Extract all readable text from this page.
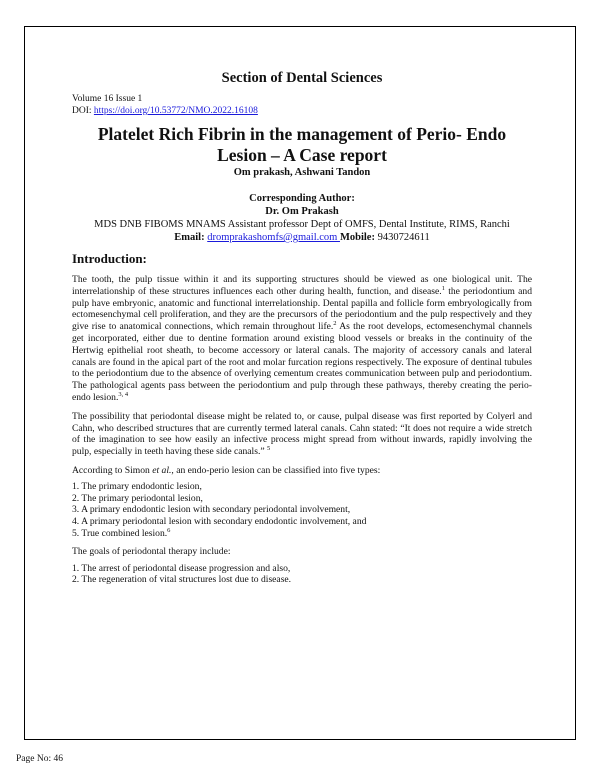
Section of Dental Sciences
Volume 16 Issue 1
DOI: https://doi.org/10.53772/NMO.2022.16108
Platelet Rich Fibrin in the management of Perio- Endo
Lesion – A Case report
Om prakash, Ashwani Tandon
Corresponding Author:
Dr. Om Prakash
MDS DNB FIBOMS MNAMS Assistant professor Dept of OMFS, Dental Institute, RIMS, Ranchi
Email: dromprakashomfs@gmail.com Mobile: 9430724611
Introduction:

The tooth, the pulp tissue within it and its supporting structures should be viewed as one biological unit. The interrelationship of these structures influences each other during health, function, and disease.$^1$ the periodontium and pulp have embryonic, anatomic and functional interrelationship. Dental papilla and follicle form embryologically from ectomesenchymal cell proliferation, and they are the precursors of the periodontium and the pulp respectively and they give rise to anatomical connections, which remain throughout life.$^2$ As the root develops, ectomesenchymal channels get incorporated, either due to dentine formation around existing blood vessels or breaks in the continuity of the Hertwig epithelial root sheath, to become accessory or lateral canals. The majority of accessory canals and lateral canals are found in the apical part of the root and molar furcation regions respectively. The exposure of dentinal tubules to the periodontium due to the absence of overlying cementum creates communication between pulp and periodontium. The pathological agents pass between the periodontium and pulp through these pathways, thereby creating the perio-endo lesion.$^{3, 4}$

The possibility that periodontal disease might be related to, or cause, pulpal disease was first reported by Colyerl and Cahn, who described structures that are currently termed lateral canals. Cahn stated: “It does not require a wide stretch of the imagination to see how easily an infective process might spread from without inwards, rapidly involving the pulp, especially in teeth having these side canals.” $^5$

According to Simon et al., an endo-perio lesion can be classified into five types:

1. The primary endodontic lesion,
2. The primary periodontal lesion,
3. A primary endodontic lesion with secondary periodontal involvement,
4. A primary periodontal lesion with secondary endodontic involvement, and
5. True combined lesion.$^6$

The goals of periodontal therapy include:

1. The arrest of periodontal disease progression and also,
2. The regeneration of vital structures lost due to disease.
Page No: 46
